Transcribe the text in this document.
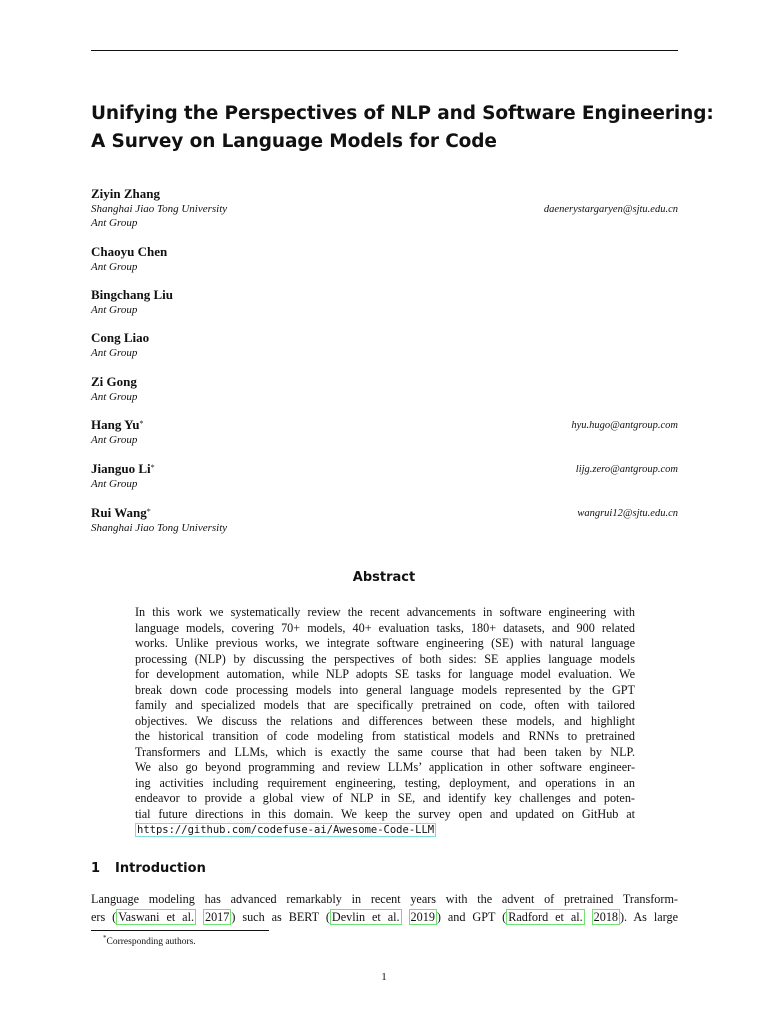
Unifying the Perspectives of NLP and Software Engineering:
A Survey on Language Models for Code
Ziyin Zhang
Shanghai Jiao Tong University
Ant Group
daenerystargaryen@sjtu.edu.cn
Chaoyu Chen
Ant Group
Bingchang Liu
Ant Group
Cong Liao
Ant Group
Zi Gong
Ant Group
Hang Yu*
Ant Group
hyu.hugo@antgroup.com
Jianguo Li*
Ant Group
lijg.zero@antgroup.com
Rui Wang*
Shanghai Jiao Tong University
wangrui12@sjtu.edu.cn
Abstract
In this work we systematically review the recent advancements in software engineering with
language models, covering 70+ models, 40+ evaluation tasks, 180+ datasets, and 900 related
works. Unlike previous works, we integrate software engineering (SE) with natural language
processing (NLP) by discussing the perspectives of both sides: SE applies language models
for development automation, while NLP adopts SE tasks for language model evaluation. We
break down code processing models into general language models represented by the GPT
family and specialized models that are specifically pretrained on code, often with tailored
objectives. We discuss the relations and differences between these models, and highlight
the historical transition of code modeling from statistical models and RNNs to pretrained
Transformers and LLMs, which is exactly the same course that had been taken by NLP.
We also go beyond programming and review LLMs’ application in other software engineer-
ing activities including requirement engineering, testing, deployment, and operations in an
endeavor to provide a global view of NLP in SE, and identify key challenges and poten-
tial future directions in this domain. We keep the survey open and updated on GitHub at
https://github.com/codefuse-ai/Awesome-Code-LLM
1 Introduction
Language modeling has advanced remarkably in recent years with the advent of pretrained Transform-
ers ( Vaswani et al. 2017 ) such as BERT ( Devlin et al. 2019 ) and GPT ( Radford et al. 2018 ). As large
*Corresponding authors.
1
